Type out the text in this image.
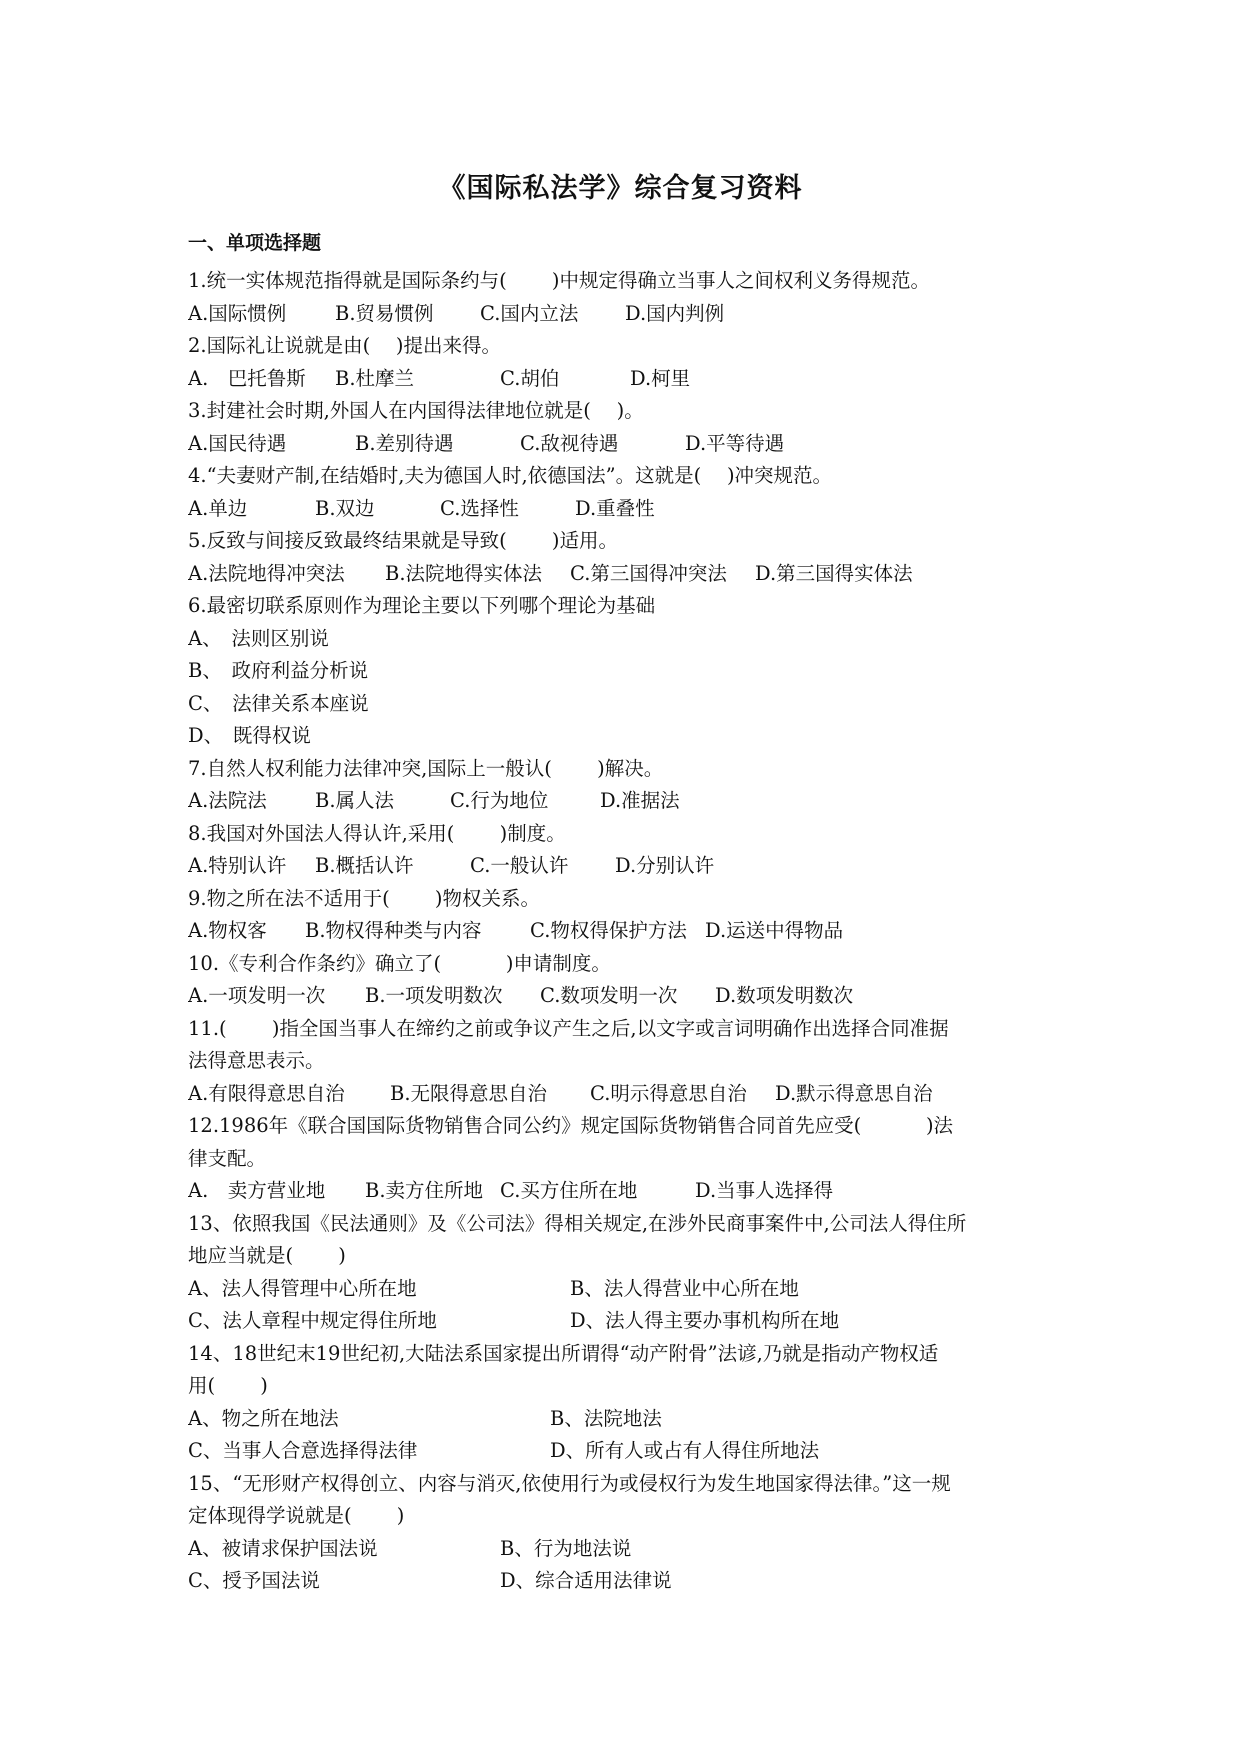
《国际私法学》综合复习资料
一、单项选择题
1.统一实体规范指得就是国际条约与(　　 )中规定得确立当事人之间权利义务得规范。
A.国际惯例 B.贸易惯例 C.国内立法 D.国内判例
2.国际礼让说就是由(　 )提出来得。
A.　巴托鲁斯 B.杜摩兰	C.胡伯	D.柯里
3.封建社会时期,外国人在内国得法律地位就是(　 )。
A.国民待遇	B.差别待遇	C.敌视待遇	D.平等待遇
4.“夫妻财产制,在结婚时,夫为德国人时,依德国法”。这就是(　 )冲突规范。
A.单边	B.双边	C.选择性	D.重叠性
5.反致与间接反致最终结果就是导致(　　 )适用。
A.法院地得冲突法 B.法院地得实体法 C.第三国得冲突法 D.第三国得实体法
6.最密切联系原则作为理论主要以下列哪个理论为基础
A、　法则区别说
B、　政府利益分析说
C、　法律关系本座说
D、　既得权说
7.自然人权利能力法律冲突,国际上一般认(　　 )解决。
A.法院法 B.属人法	C.行为地位	D.准据法
8.我国对外国法人得认许,采用(　　 )制度。
A.特别认许 B.概括认许	C.一般认许 D.分别认许
9.物之所在法不适用于(　　 )物权关系。
A.物权客 B.物权得种类与内容 C.物权得保护方法 D.运送中得物品
10.《专利合作条约》确立了(　　　 )申请制度。
A.一项发明一次 B.一项发明数次 C.数项发明一次 D.数项发明数次
11.(　　 )指全国当事人在缔约之前或争议产生之后,以文字或言词明确作出选择合同准据
法得意思表示。
A.有限得意思自治 B.无限得意思自治 C.明示得意思自治 D.默示得意思自治
12.1986年《联合国国际货物销售合同公约》规定国际货物销售合同首先应受(　　　 )法
律支配。
A.　卖方营业地 B.卖方住所地 C.买方住所在地	D.当事人选择得
13、依照我国《民法通则》及《公司法》得相关规定,在涉外民商事案件中,公司法人得住所
地应当就是(　　 )
A、法人得管理中心所在地	B、法人得营业中心所在地
C、法人章程中规定得住所地	D、法人得主要办事机构所在地
14、18世纪末19世纪初,大陆法系国家提出所谓得“动产附骨”法谚,乃就是指动产物权适
用(　　 )
A、物之所在地法	B、法院地法
C、当事人合意选择得法律	D、所有人或占有人得住所地法
15、“无形财产权得创立、内容与消灭,依使用行为或侵权行为发生地国家得法律。”这一规
定体现得学说就是(　　 )
A、被请求保护国法说	B、行为地法说
C、授予国法说	D、综合适用法律说
